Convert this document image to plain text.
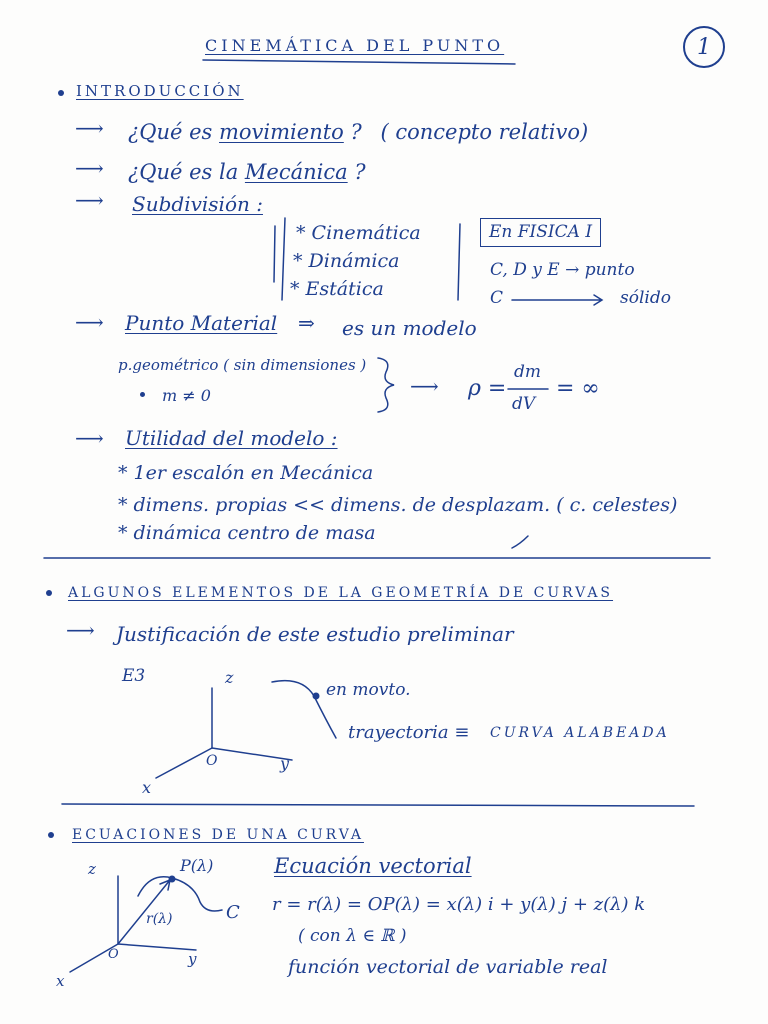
CINEMÁTICA DEL PUNTO	1
INTRODUCCIÓN
⟶ ¿Qué es movimiento ? ( concepto relativo)
⟶ ¿Qué es la Mecánica ?
⟶ Subdivisión :
* Cinemática
* Dinámica
* Estática
En FISICA I
C, D y E → punto
C	sólido
⟶ Punto Material ⇒ es un modelo
p.geométrico ( sin dimensiones )
m ≠ 0	⟶ ρ =
dm
dV
= ∞
⟶ Utilidad del modelo :
* 1er escalón en Mecánica
* dimens. propias << dimens. de desplazam. ( c. celestes)
* dinámica centro de masa
ALGUNOS ELEMENTOS DE LA GEOMETRÍA DE CURVAS
⟶ Justificación de este estudio preliminar
E3	z
x
y
O
en movto.
trayectoria ≡ CURVA ALABEADA
ECUACIONES DE UNA CURVA
z
x
y
O
P(λ)
r(λ)	C
Ecuación vectorial
r = r(λ) = OP(λ) = x(λ) i + y(λ) j + z(λ) k
( con λ ∈ ℝ )
función vectorial de variable real
